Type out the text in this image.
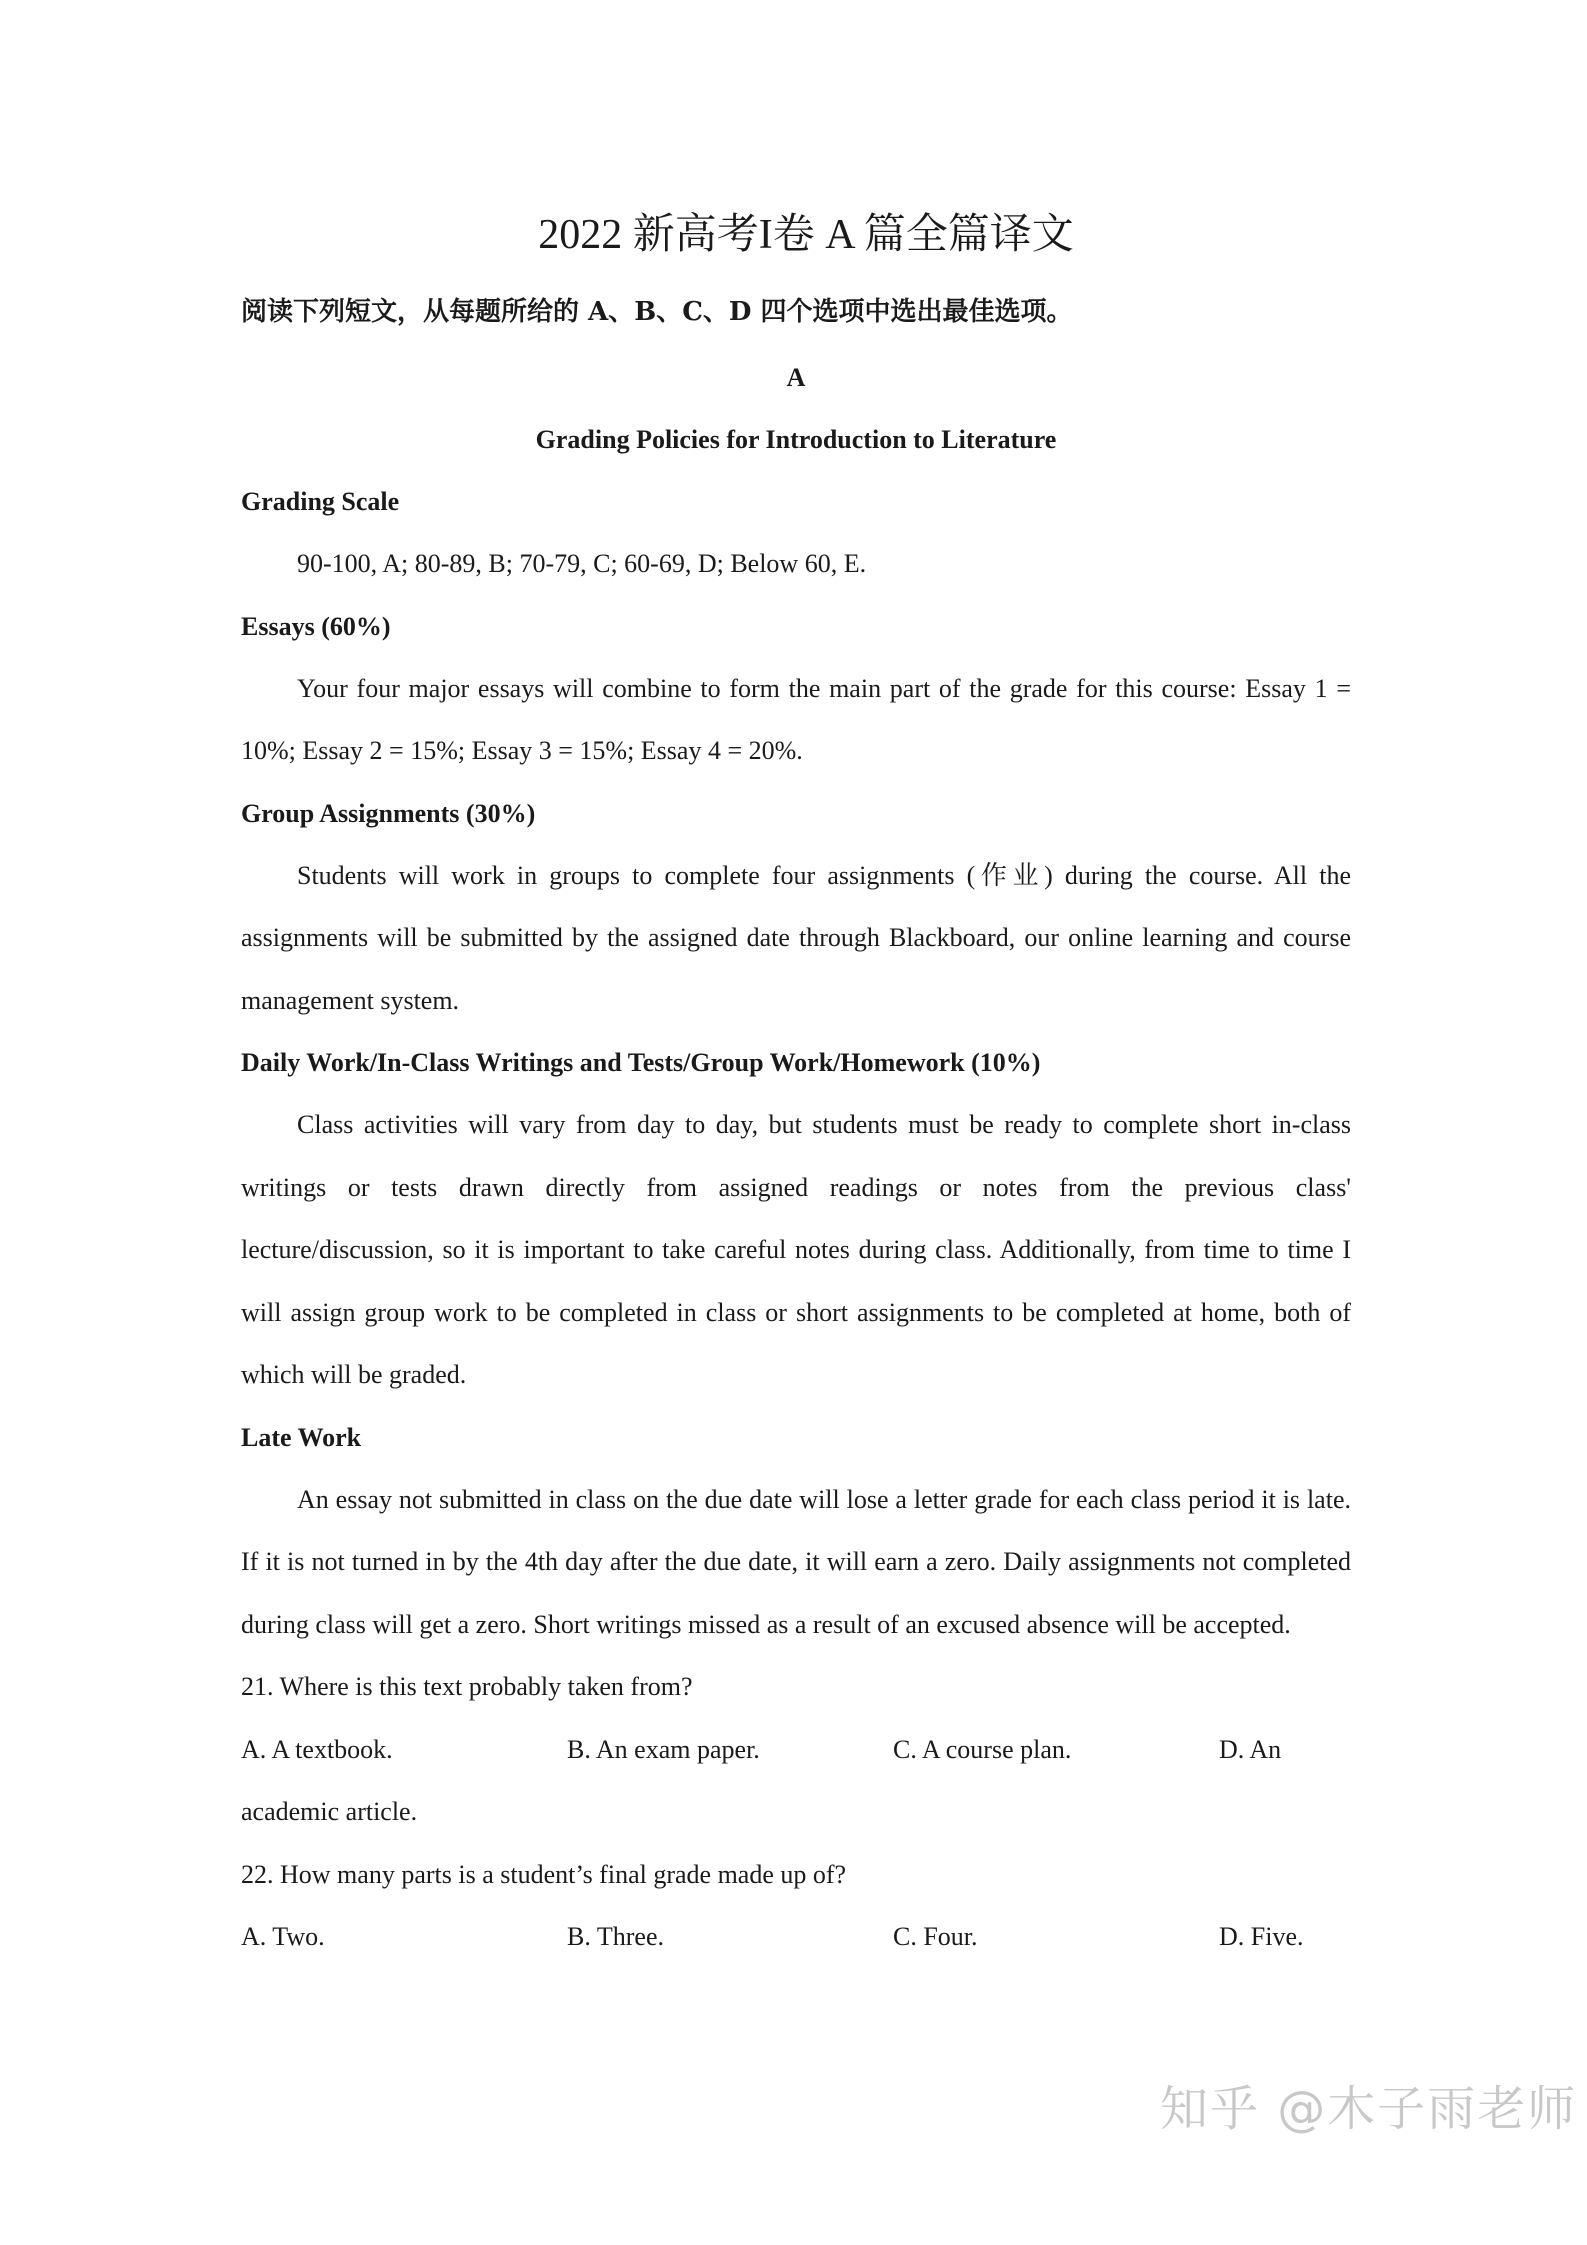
2022 新高考I卷 A 篇全篇译文

阅读下列短文，从每题所给的 A、B、C、D 四个选项中选出最佳选项。

A

Grading Policies for Introduction to Literature

Grading Scale

90-100, A; 80-89, B; 70-79, C; 60-69, D; Below 60, E.

Essays (60%)

Your four major essays will combine to form the main part of the grade for this course: Essay 1 = 10%; Essay 2 = 15%; Essay 3 = 15%; Essay 4 = 20%.

Group Assignments (30%)

Students will work in groups to complete four assignments (作业) during the course. All the assignments will be submitted by the assigned date through Blackboard, our online learning and course management system.

Daily Work/In-Class Writings and Tests/Group Work/Homework (10%)

Class activities will vary from day to day, but students must be ready to complete short in-class writings or tests drawn directly from assigned readings or notes from the previous class' lecture/discussion, so it is important to take careful notes during class. Additionally, from time to time I will assign group work to be completed in class or short assignments to be completed at home, both of which will be graded.

Late Work

An essay not submitted in class on the due date will lose a letter grade for each class period it is late. If it is not turned in by the 4th day after the due date, it will earn a zero. Daily assignments not completed during class will get a zero. Short writings missed as a result of an excused absence will be accepted.

21. Where is this text probably taken from?

A. A textbook.	B. An exam paper.	C. A course plan.	D. An

academic article.

22. How many parts is a student’s final grade made up of?

A. Two.	B. Three.	C. Four.	D. Five.
知乎 @木子雨老师
